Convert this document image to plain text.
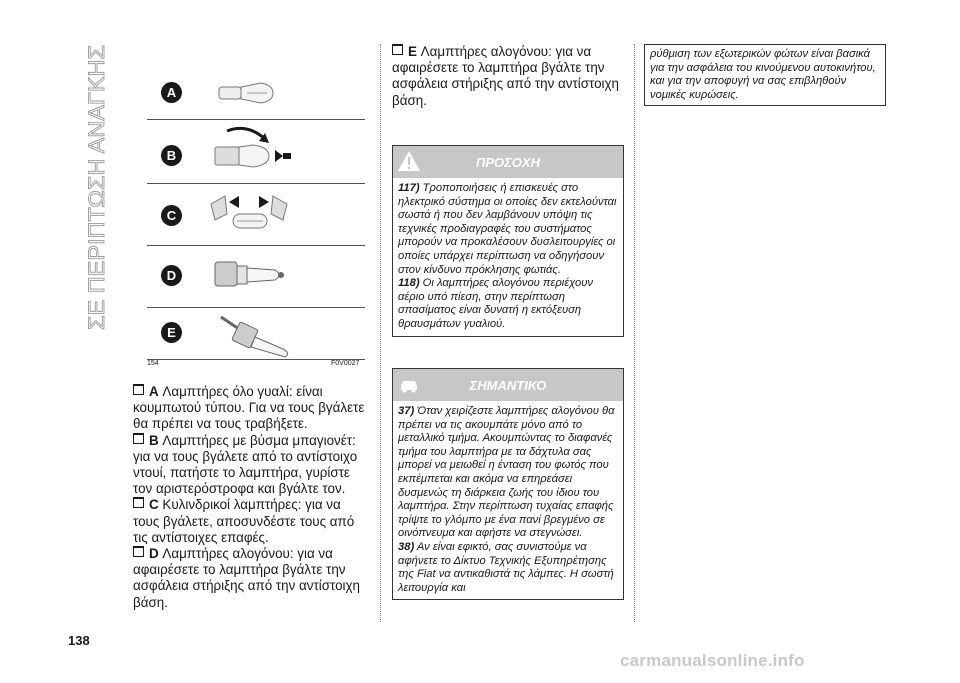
ΣΕ ΠΕΡΙΠΤΩΣΗ ΑΝΑΓΚΗΣ	A
B
C
D
E
154	F0V0027

A Λαμπτήρες όλο γυαλί: είναι κουμπωτού τύπου. Για να τους βγάλετε θα πρέπει να τους τραβήξετε.

B Λαμπτήρες με βύσμα μπαγιονέτ: για να τους βγάλετε από το αντίστοιχο ντουί, πατήστε το λαμπτήρα, γυρίστε τον αριστερόστροφα και βγάλτε τον.

C Κυλινδρικοί λαμπτήρες: για να τους βγάλετε, αποσυνδέστε τους από τις αντίστοιχες επαφές.

D Λαμπτήρες αλογόνου: για να αφαιρέσετε το λαμπτήρα βγάλτε την ασφάλεια στήριξης από την αντίστοιχη βάση.

E Λαμπτήρες αλογόνου: για να αφαιρέσετε το λαμπτήρα βγάλτε την ασφάλεια στήριξης από την αντίστοιχη βάση.

ΠΡΟΣΟΧΗ

117) Τροποποιήσεις ή επισκευές στο ηλεκτρικό σύστημα οι οποίες δεν εκτελούνται σωστά ή που δεν λαμβάνουν υπόψη τις τεχνικές προδιαγραφές του συστήματος μπορούν να προκαλέσουν δυσλειτουργίες οι οποίες υπάρχει περίπτωση να οδηγήσουν στον κίνδυνο πρόκλησης φωτιάς.

118) Οι λαμπτήρες αλογόνου περιέχουν αέριο υπό πίεση, στην περίπτωση σπασίματος είναι δυνατή η εκτόξευση θραυσμάτων γυαλιού.

ΣΗΜΑΝΤΙΚΟ

37) Όταν χειρίζεστε λαμπτήρες αλογόνου θα πρέπει να τις ακουμπάτε μόνο από το μεταλλικό τμήμα. Ακουμπώντας το διαφανές τμήμα του λαμπτήρα με τα δάχτυλα σας μπορεί να μειωθεί η ένταση του φωτός που εκπέμπεται και ακόμα να επηρεάσει δυσμενώς τη διάρκεια ζωής του ίδιου του λαμπτήρα. Στην περίπτωση τυχαίας επαφής τρίψτε το γλόμπο με ένα πανί βρεγμένο σε οινόπνευμα και αφήστε να στεγνώσει.

38) Αν είναι εφικτό, σας συνιστούμε να αφήνετε το Δίκτυο Τεχνικής Εξυπηρέτησης της Fiat να αντικαθιστά τις λάμπες. Η σωστή λειτουργία και

ρύθμιση των εξωτερικών φώτων είναι βασικά για την ασφάλεια του κινούμενου αυτοκινήτου, και για την αποφυγή να σας επιβληθούν νομικές κυρώσεις.
138
carmanualsonline.info
